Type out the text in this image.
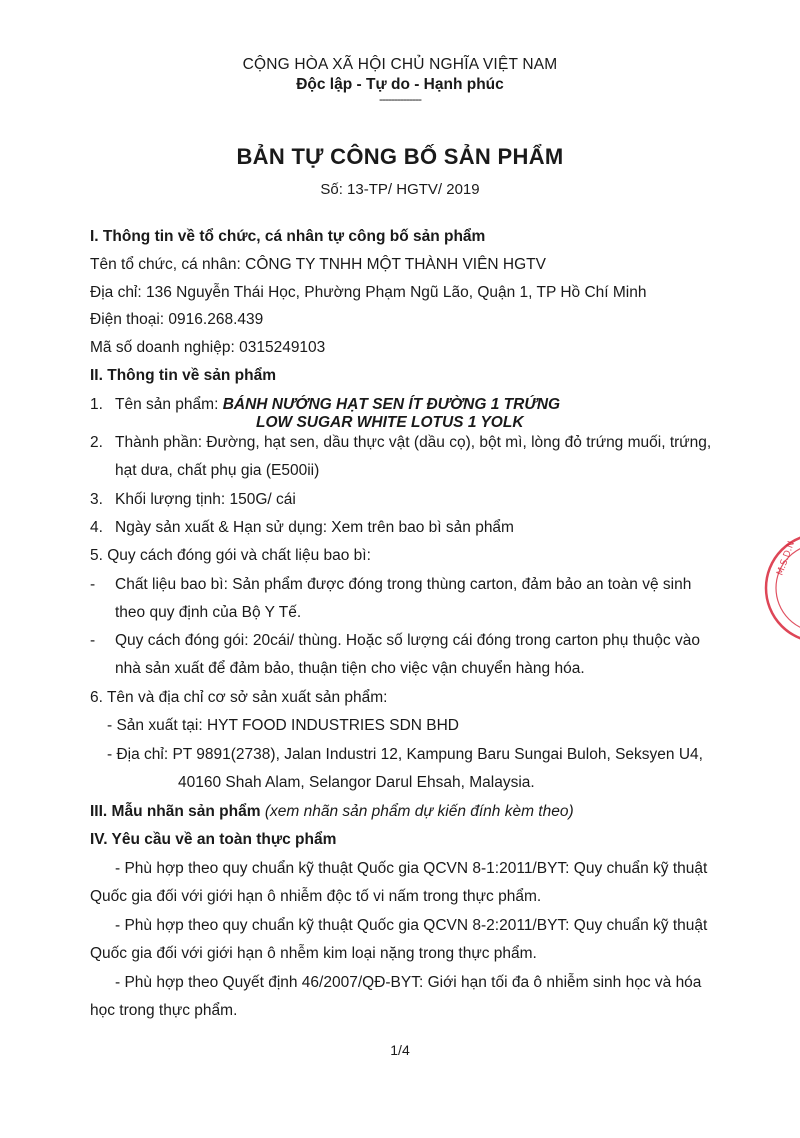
CỘNG HÒA XÃ HỘI CHỦ NGHĨA VIỆT NAM
Độc lập - Tự do - Hạnh phúc
--------------
BẢN TỰ CÔNG BỐ SẢN PHẨM
Số: 13-TP/ HGTV/ 2019
I. Thông tin về tổ chức, cá nhân tự công bố sản phẩm
Tên tổ chức, cá nhân: CÔNG TY TNHH MỘT THÀNH VIÊN HGTV
Địa chỉ: 136 Nguyễn Thái Học, Phường Phạm Ngũ Lão, Quận 1, TP Hồ Chí Minh
Điện thoại: 0916.268.439
Mã số doanh nghiệp: 0315249103
II. Thông tin về sản phẩm
1. Tên sản phẩm: BÁNH NƯỚNG HẠT SEN ÍT ĐƯỜNG 1 TRỨNG
LOW SUGAR WHITE LOTUS 1 YOLK
2. Thành phần: Đường, hạt sen, dầu thực vật (dầu cọ), bột mì, lòng đỏ trứng muối, trứng,
hạt dưa, chất phụ gia (E500ii)
3. Khối lượng tịnh: 150G/ cái
4. Ngày sản xuất & Hạn sử dụng: Xem trên bao bì sản phẩm
5. Quy cách đóng gói và chất liệu bao bì:
- Chất liệu bao bì: Sản phẩm được đóng trong thùng carton, đảm bảo an toàn vệ sinh
theo quy định của Bộ Y Tế.
- Quy cách đóng gói: 20cái/ thùng. Hoặc số lượng cái đóng trong carton phụ thuộc vào
nhà sản xuất để đảm bảo, thuận tiện cho việc vận chuyển hàng hóa.
6. Tên và địa chỉ cơ sở sản xuất sản phẩm:
- Sản xuất tại: HYT FOOD INDUSTRIES SDN BHD
- Địa chỉ: PT 9891(2738), Jalan Industri 12, Kampung Baru Sungai Buloh, Seksyen U4,
40160 Shah Alam, Selangor Darul Ehsah, Malaysia.
III. Mẫu nhãn sản phẩm (xem nhãn sản phẩm dự kiến đính kèm theo)
IV. Yêu cầu về an toàn thực phẩm
- Phù hợp theo quy chuẩn kỹ thuật Quốc gia QCVN 8-1:2011/BYT: Quy chuẩn kỹ thuật
Quốc gia đối với giới hạn ô nhiễm độc tố vi nấm trong thực phẩm.
- Phù hợp theo quy chuẩn kỹ thuật Quốc gia QCVN 8-2:2011/BYT: Quy chuẩn kỹ thuật
Quốc gia đối với giới hạn ô nhễm kim loại nặng trong thực phẩm.
- Phù hợp theo Quyết định 46/2007/QĐ-BYT: Giới hạn tối đa ô nhiễm sinh học và hóa
học trong thực phẩm.
1/4
M.S.D.N
